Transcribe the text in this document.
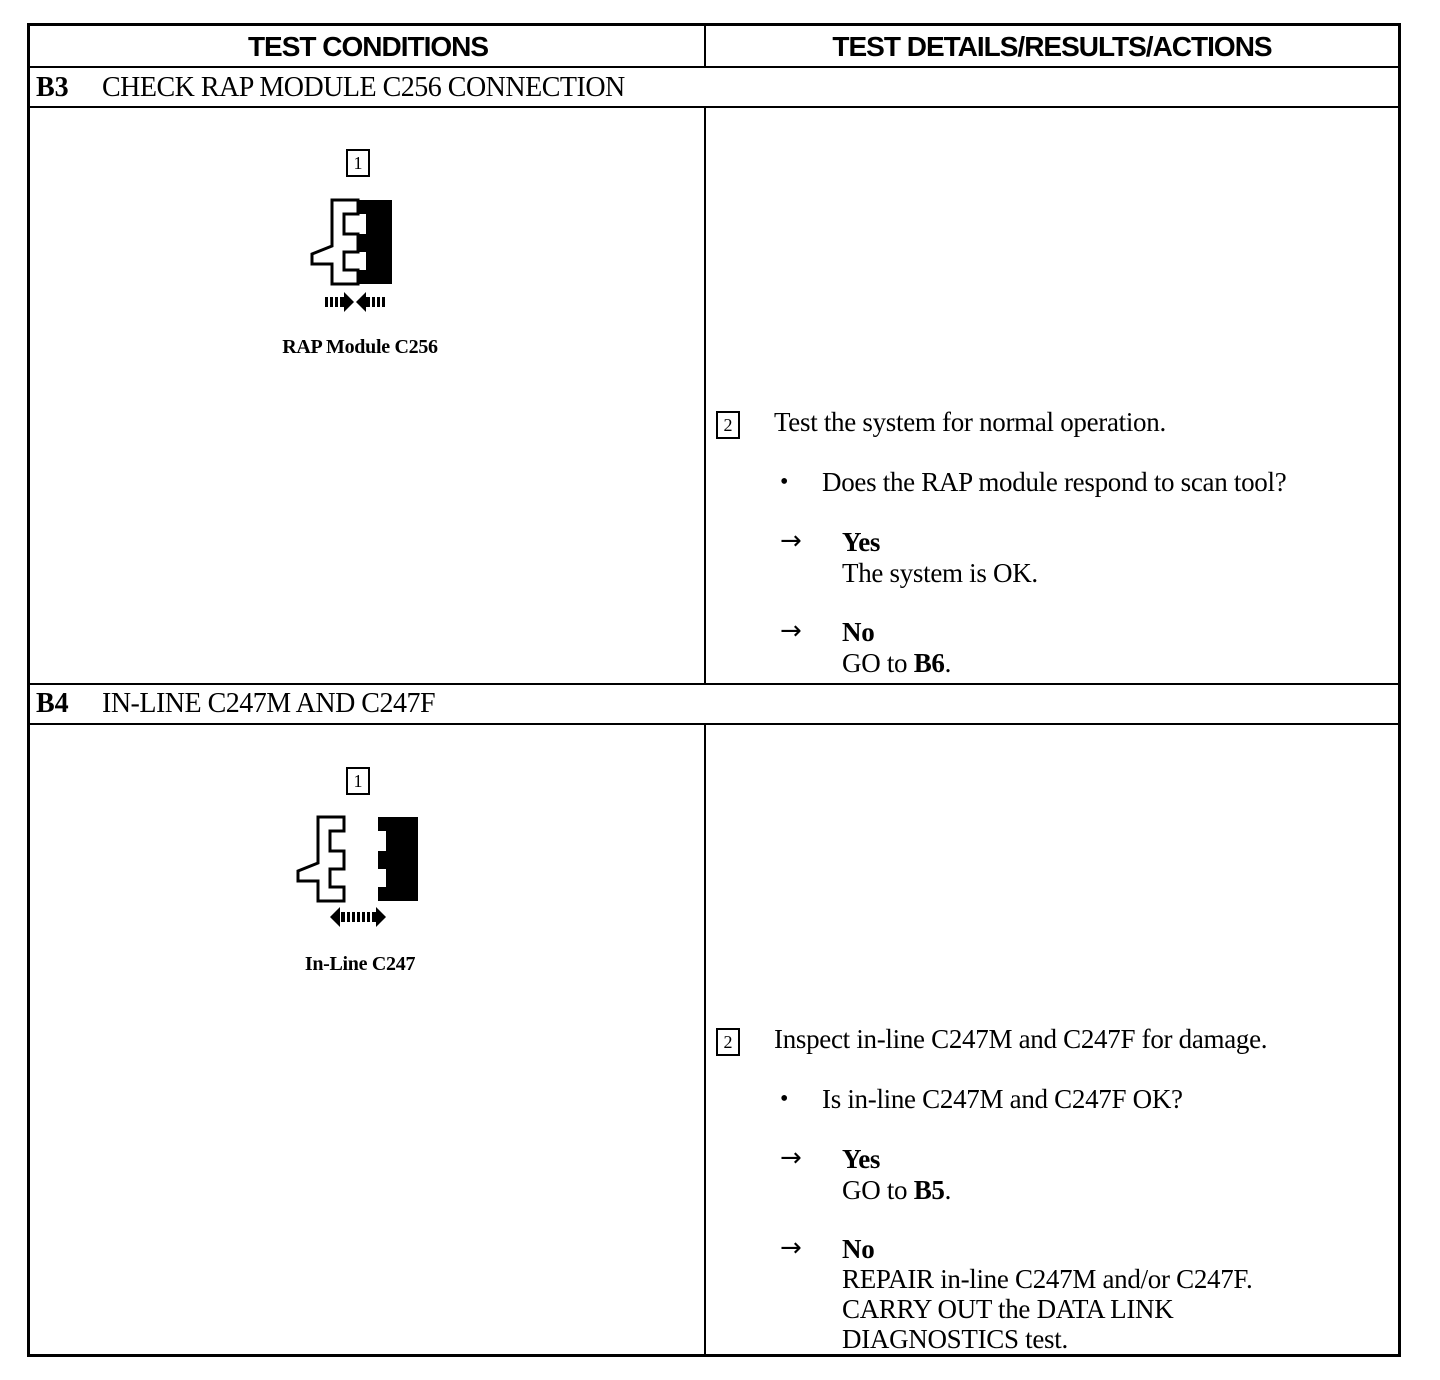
TEST CONDITIONS	TEST DETAILS/RESULTS/ACTIONS
B3 CHECK RAP MODULE C256 CONNECTION
1
RAP Module C256
2 Test the system for normal operation.
• Does the RAP module respond to scan tool?
→ Yes
The system is OK.
→ No
GO to B6.
B4 IN-LINE C247M AND C247F
1
In-Line C247
2 Inspect in-line C247M and C247F for damage.
• Is in-line C247M and C247F OK?
→ Yes
GO to B5.
→ No
REPAIR in-line C247M and/or C247F.
CARRY OUT the DATA LINK
DIAGNOSTICS test.
